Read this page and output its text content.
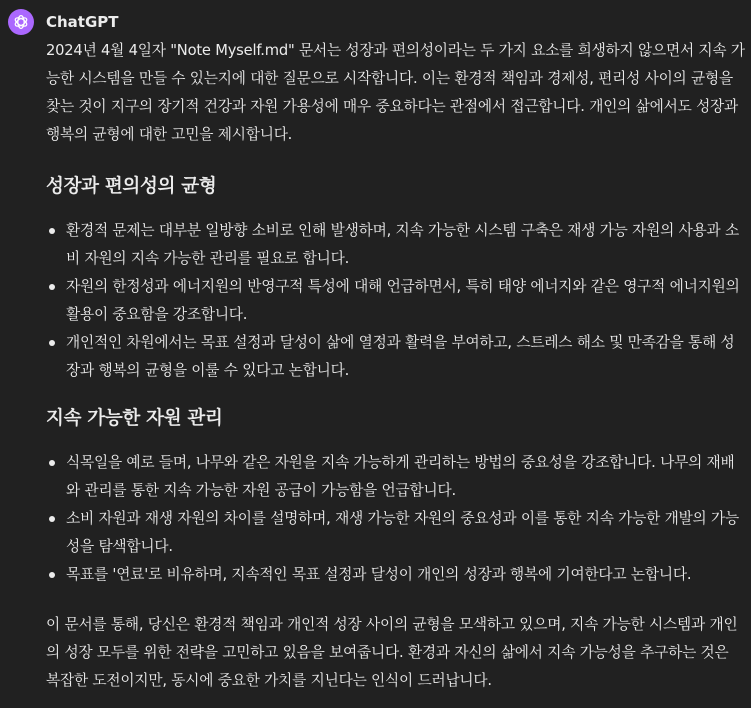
ChatGPT

2024년 4월 4일자 "Note Myself.md" 문서는 성장과 편의성이라는 두 가지 요소를 희생하지 않으면서 지속 가능한 시스템을 만들 수 있는지에 대한 질문으로 시작합니다. 이는 환경적 책임과 경제성, 편리성 사이의 균형을 찾는 것이 지구의 장기적 건강과 자원 가용성에 매우 중요하다는 관점에서 접근합니다. 개인의 삶에서도 성장과 행복의 균형에 대한 고민을 제시합니다.

성장과 편의성의 균형
환경적 문제는 대부분 일방향 소비로 인해 발생하며, 지속 가능한 시스템 구축은 재생 가능 자원의 사용과 소비 자원의 지속 가능한 관리를 필요로 합니다.
자원의 한정성과 에너지원의 반영구적 특성에 대해 언급하면서, 특히 태양 에너지와 같은 영구적 에너지원의 활용이 중요함을 강조합니다.
개인적인 차원에서는 목표 설정과 달성이 삶에 열정과 활력을 부여하고, 스트레스 해소 및 만족감을 통해 성장과 행복의 균형을 이룰 수 있다고 논합니다.
지속 가능한 자원 관리
식목일을 예로 들며, 나무와 같은 자원을 지속 가능하게 관리하는 방법의 중요성을 강조합니다. 나무의 재배와 관리를 통한 지속 가능한 자원 공급이 가능함을 언급합니다.
소비 자원과 재생 자원의 차이를 설명하며, 재생 가능한 자원의 중요성과 이를 통한 지속 가능한 개발의 가능성을 탐색합니다.
목표를 '연료'로 비유하며, 지속적인 목표 설정과 달성이 개인의 성장과 행복에 기여한다고 논합니다.

이 문서를 통해, 당신은 환경적 책임과 개인적 성장 사이의 균형을 모색하고 있으며, 지속 가능한 시스템과 개인의 성장 모두를 위한 전략을 고민하고 있음을 보여줍니다. 환경과 자신의 삶에서 지속 가능성을 추구하는 것은 복잡한 도전이지만, 동시에 중요한 가치를 지닌다는 인식이 드러납니다.
